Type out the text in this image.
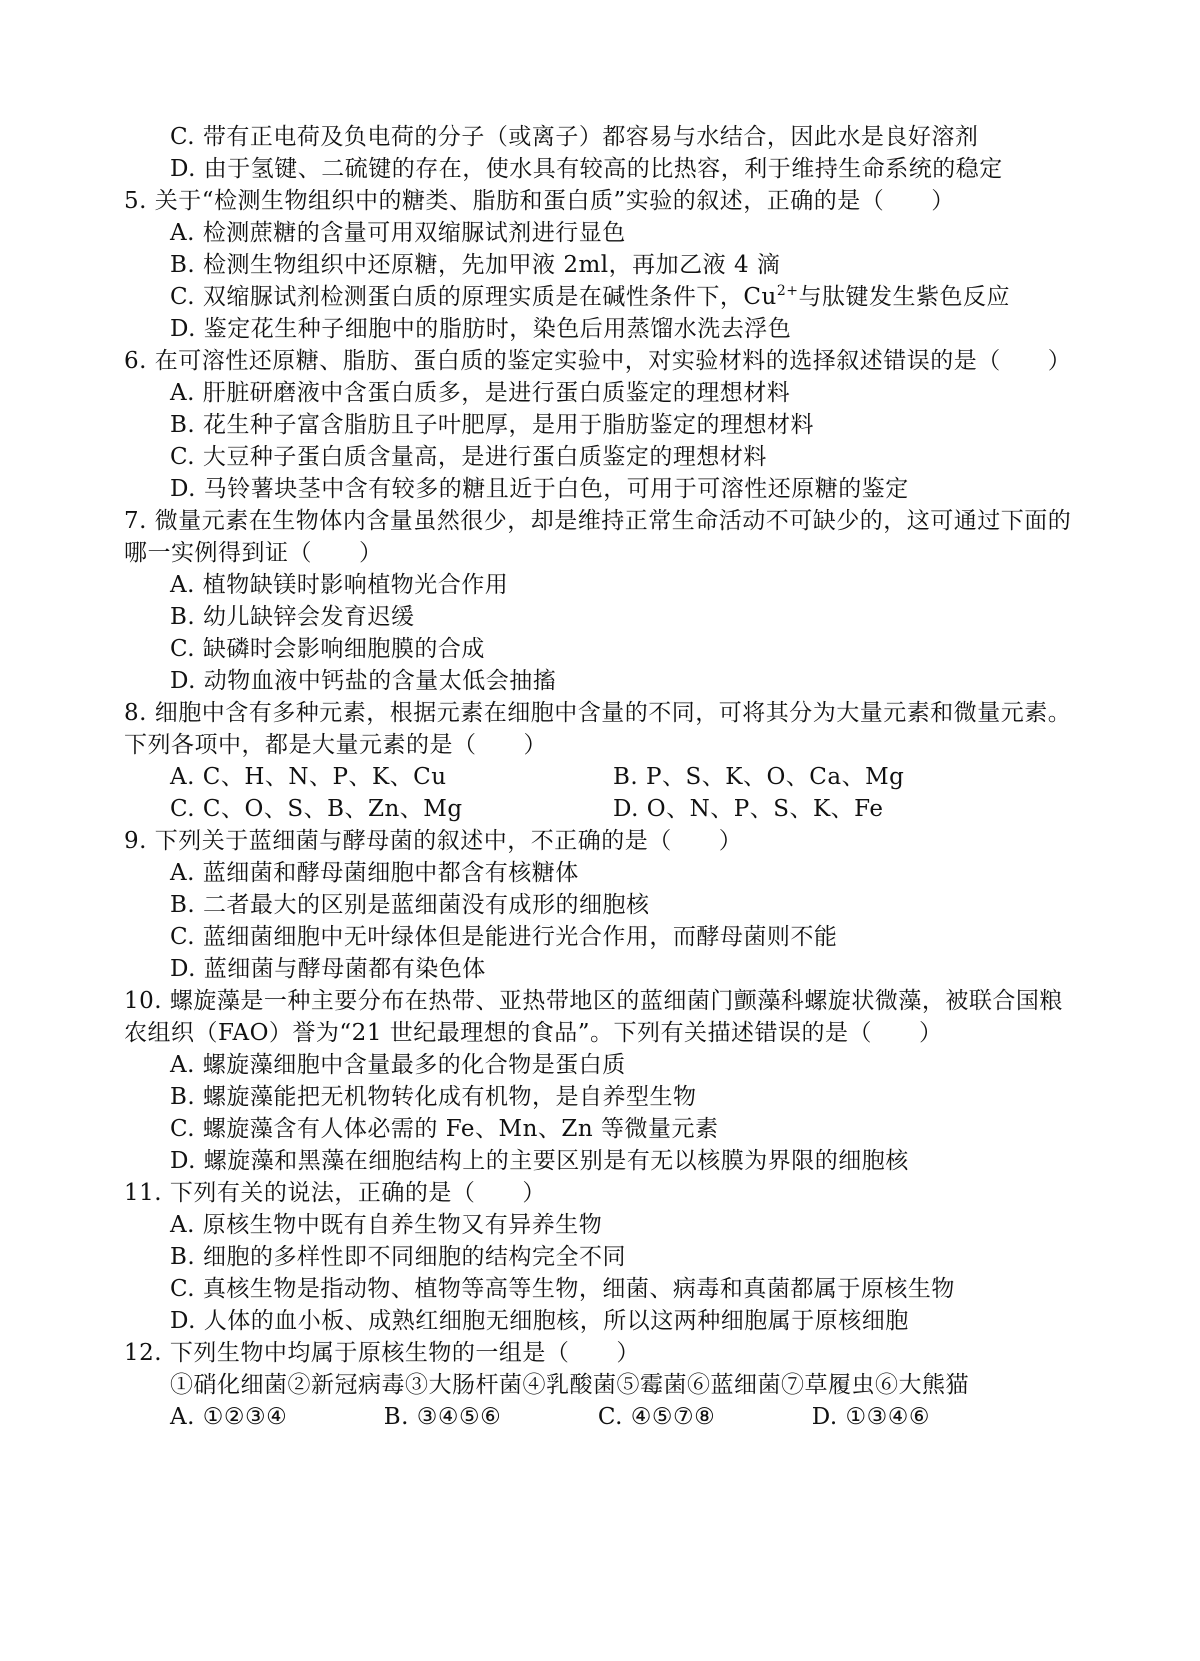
C. 带有正电荷及负电荷的分子（或离子）都容易与水结合，因此水是良好溶剂
D. 由于氢键、二硫键的存在，使水具有较高的比热容，利于维持生命系统的稳定
5. 关于“检测生物组织中的糖类、脂肪和蛋白质”实验的叙述，正确的是（　　）
A. 检测蔗糖的含量可用双缩脲试剂进行显色
B. 检测生物组织中还原糖，先加甲液 2ml，再加乙液 4 滴
C. 双缩脲试剂检测蛋白质的原理实质是在碱性条件下，$Cu^{2+}$与肽键发生紫色反应
D. 鉴定花生种子细胞中的脂肪时，染色后用蒸馏水洗去浮色
6. 在可溶性还原糖、脂肪、蛋白质的鉴定实验中，对实验材料的选择叙述错误的是（　　）
A. 肝脏研磨液中含蛋白质多，是进行蛋白质鉴定的理想材料
B. 花生种子富含脂肪且子叶肥厚，是用于脂肪鉴定的理想材料
C. 大豆种子蛋白质含量高，是进行蛋白质鉴定的理想材料
D. 马铃薯块茎中含有较多的糖且近于白色，可用于可溶性还原糖的鉴定
7. 微量元素在生物体内含量虽然很少，却是维持正常生命活动不可缺少的，这可通过下面的
哪一实例得到证（　　）
A. 植物缺镁时影响植物光合作用
B. 幼儿缺锌会发育迟缓
C. 缺磷时会影响细胞膜的合成
D. 动物血液中钙盐的含量太低会抽搐
8. 细胞中含有多种元素，根据元素在细胞中含量的不同，可将其分为大量元素和微量元素。
下列各项中，都是大量元素的是（　　）
A. C、H、N、P、K、Cu	B. P、S、K、O、Ca、Mg
C. C、O、S、B、Zn、Mg	D. O、N、P、S、K、Fe
9. 下列关于蓝细菌与酵母菌的叙述中，不正确的是（　　）
A. 蓝细菌和酵母菌细胞中都含有核糖体
B. 二者最大的区别是蓝细菌没有成形的细胞核
C. 蓝细菌细胞中无叶绿体但是能进行光合作用，而酵母菌则不能
D. 蓝细菌与酵母菌都有染色体
10. 螺旋藻是一种主要分布在热带、亚热带地区的蓝细菌门颤藻科螺旋状微藻，被联合国粮
农组织（FAO）誉为“21 世纪最理想的食品”。下列有关描述错误的是（　　）
A. 螺旋藻细胞中含量最多的化合物是蛋白质
B. 螺旋藻能把无机物转化成有机物，是自养型生物
C. 螺旋藻含有人体必需的 Fe、Mn、Zn 等微量元素
D. 螺旋藻和黑藻在细胞结构上的主要区别是有无以核膜为界限的细胞核
11. 下列有关的说法，正确的是（　　）
A. 原核生物中既有自养生物又有异养生物
B. 细胞的多样性即不同细胞的结构完全不同
C. 真核生物是指动物、植物等高等生物，细菌、病毒和真菌都属于原核生物
D. 人体的血小板、成熟红细胞无细胞核，所以这两种细胞属于原核细胞
12. 下列生物中均属于原核生物的一组是（　　）
①硝化细菌②新冠病毒③大肠杆菌④乳酸菌⑤霉菌⑥蓝细菌⑦草履虫⑥大熊猫
A. ①②③④	B. ③④⑤⑥	C. ④⑤⑦⑧	D. ①③④⑥
